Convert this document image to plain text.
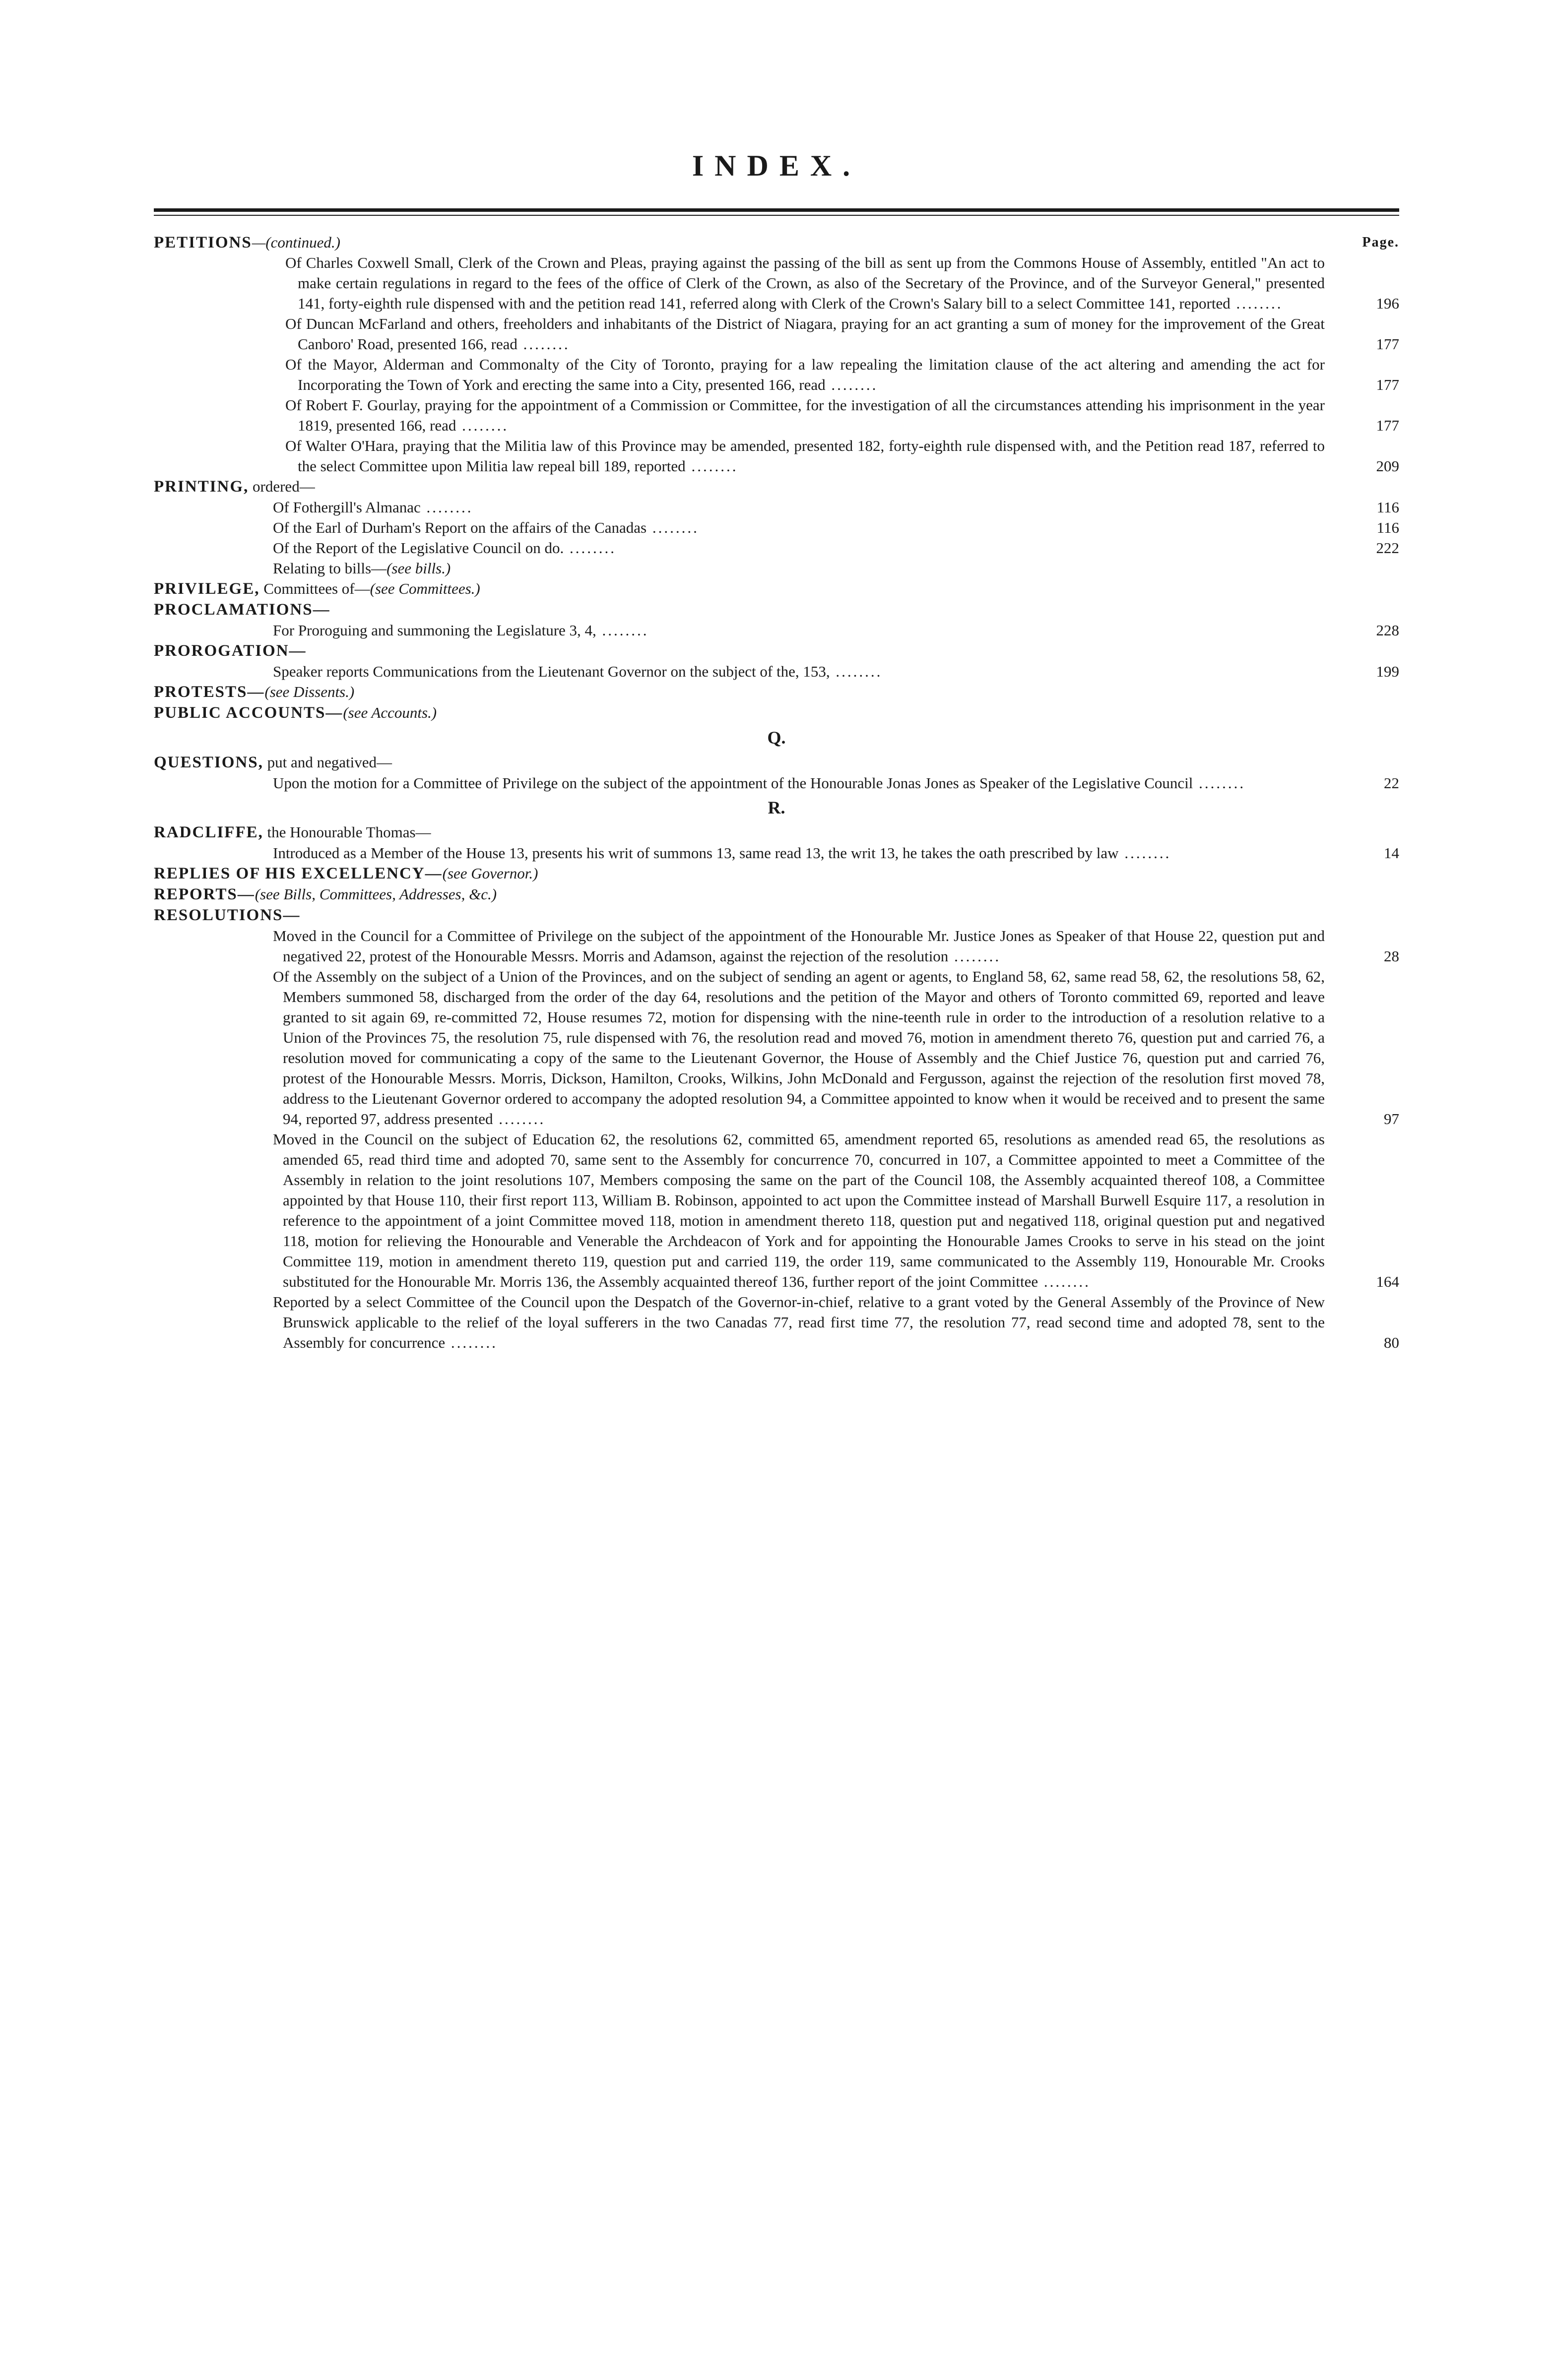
INDEX.
PETITIONS—(continued.)	Page.
Of Charles Coxwell Small, Clerk of the Crown and Pleas, praying against the passing of the bill as sent up from the Commons House of Assembly, entitled "An act to make certain regulations in regard to the fees of the office of Clerk of the Crown, as also of the Secretary of the Province, and of the Surveyor General," presented 141, forty-eighth rule dispensed with and the petition read 141, referred along with Clerk of the Crown's Salary bill to a select Committee 141, reported ........	196
Of Duncan McFarland and others, freeholders and inhabitants of the District of Niagara, praying for an act granting a sum of money for the improvement of the Great Canboro' Road, presented 166, read ........	177
Of the Mayor, Alderman and Commonalty of the City of Toronto, praying for a law repealing the limitation clause of the act altering and amending the act for Incorporating the Town of York and erecting the same into a City, presented 166, read ........	177
Of Robert F. Gourlay, praying for the appointment of a Commission or Committee, for the investigation of all the circumstances attending his imprisonment in the year 1819, presented 166, read ........	177
Of Walter O'Hara, praying that the Militia law of this Province may be amended, presented 182, forty-eighth rule dispensed with, and the Petition read 187, referred to the select Committee upon Militia law repeal bill 189, reported ........	209
PRINTING, ordered—
Of Fothergill's Almanac ........	116
Of the Earl of Durham's Report on the affairs of the Canadas ........	116
Of the Report of the Legislative Council on do. ........	222
Relating to bills—(see bills.)
PRIVILEGE, Committees of—(see Committees.)
PROCLAMATIONS—
For Proroguing and summoning the Legislature 3, 4, ........	228
PROROGATION—
Speaker reports Communications from the Lieutenant Governor on the subject of the, 153, ........	199
PROTESTS—(see Dissents.)
PUBLIC ACCOUNTS—(see Accounts.)
Q.
QUESTIONS, put and negatived—
Upon the motion for a Committee of Privilege on the subject of the appointment of the Honourable Jonas Jones as Speaker of the Legislative Council ........	22
R.
RADCLIFFE, the Honourable Thomas—
Introduced as a Member of the House 13, presents his writ of summons 13, same read 13, the writ 13, he takes the oath prescribed by law ........	14
REPLIES OF HIS EXCELLENCY—(see Governor.)
REPORTS—(see Bills, Committees, Addresses, &c.)
RESOLUTIONS—
Moved in the Council for a Committee of Privilege on the subject of the appointment of the Honourable Mr. Justice Jones as Speaker of that House 22, question put and negatived 22, protest of the Honourable Messrs. Morris and Adamson, against the rejection of the resolution ........	28
Of the Assembly on the subject of a Union of the Provinces, and on the subject of sending an agent or agents, to England 58, 62, same read 58, 62, the resolutions 58, 62, Members summoned 58, discharged from the order of the day 64, resolutions and the petition of the Mayor and others of Toronto committed 69, reported and leave granted to sit again 69, re-committed 72, House resumes 72, motion for dispensing with the nine-teenth rule in order to the introduction of a resolution relative to a Union of the Provinces 75, the resolution 75, rule dispensed with 76, the resolution read and moved 76, motion in amendment thereto 76, question put and carried 76, a resolution moved for communicating a copy of the same to the Lieutenant Governor, the House of Assembly and the Chief Justice 76, question put and carried 76, protest of the Honourable Messrs. Morris, Dickson, Hamilton, Crooks, Wilkins, John McDonald and Fergusson, against the rejection of the resolution first moved 78, address to the Lieutenant Governor ordered to accompany the adopted resolution 94, a Committee appointed to know when it would be received and to present the same 94, reported 97, address presented ........	97
Moved in the Council on the subject of Education 62, the resolutions 62, committed 65, amendment reported 65, resolutions as amended read 65, the resolutions as amended 65, read third time and adopted 70, same sent to the Assembly for concurrence 70, concurred in 107, a Committee appointed to meet a Committee of the Assembly in relation to the joint resolutions 107, Members composing the same on the part of the Council 108, the Assembly acquainted thereof 108, a Committee appointed by that House 110, their first report 113, William B. Robinson, appointed to act upon the Committee instead of Marshall Burwell Esquire 117, a resolution in reference to the appointment of a joint Committee moved 118, motion in amendment thereto 118, question put and negatived 118, original question put and negatived 118, motion for relieving the Honourable and Venerable the Archdeacon of York and for appointing the Honourable James Crooks to serve in his stead on the joint Committee 119, motion in amendment thereto 119, question put and carried 119, the order 119, same communicated to the Assembly 119, Honourable Mr. Crooks substituted for the Honourable Mr. Morris 136, the Assembly acquainted thereof 136, further report of the joint Committee ........	164
Reported by a select Committee of the Council upon the Despatch of the Governor-in-chief, relative to a grant voted by the General Assembly of the Province of New Brunswick applicable to the relief of the loyal sufferers in the two Canadas 77, read first time 77, the resolution 77, read second time and adopted 78, sent to the Assembly for concurrence ........	80
